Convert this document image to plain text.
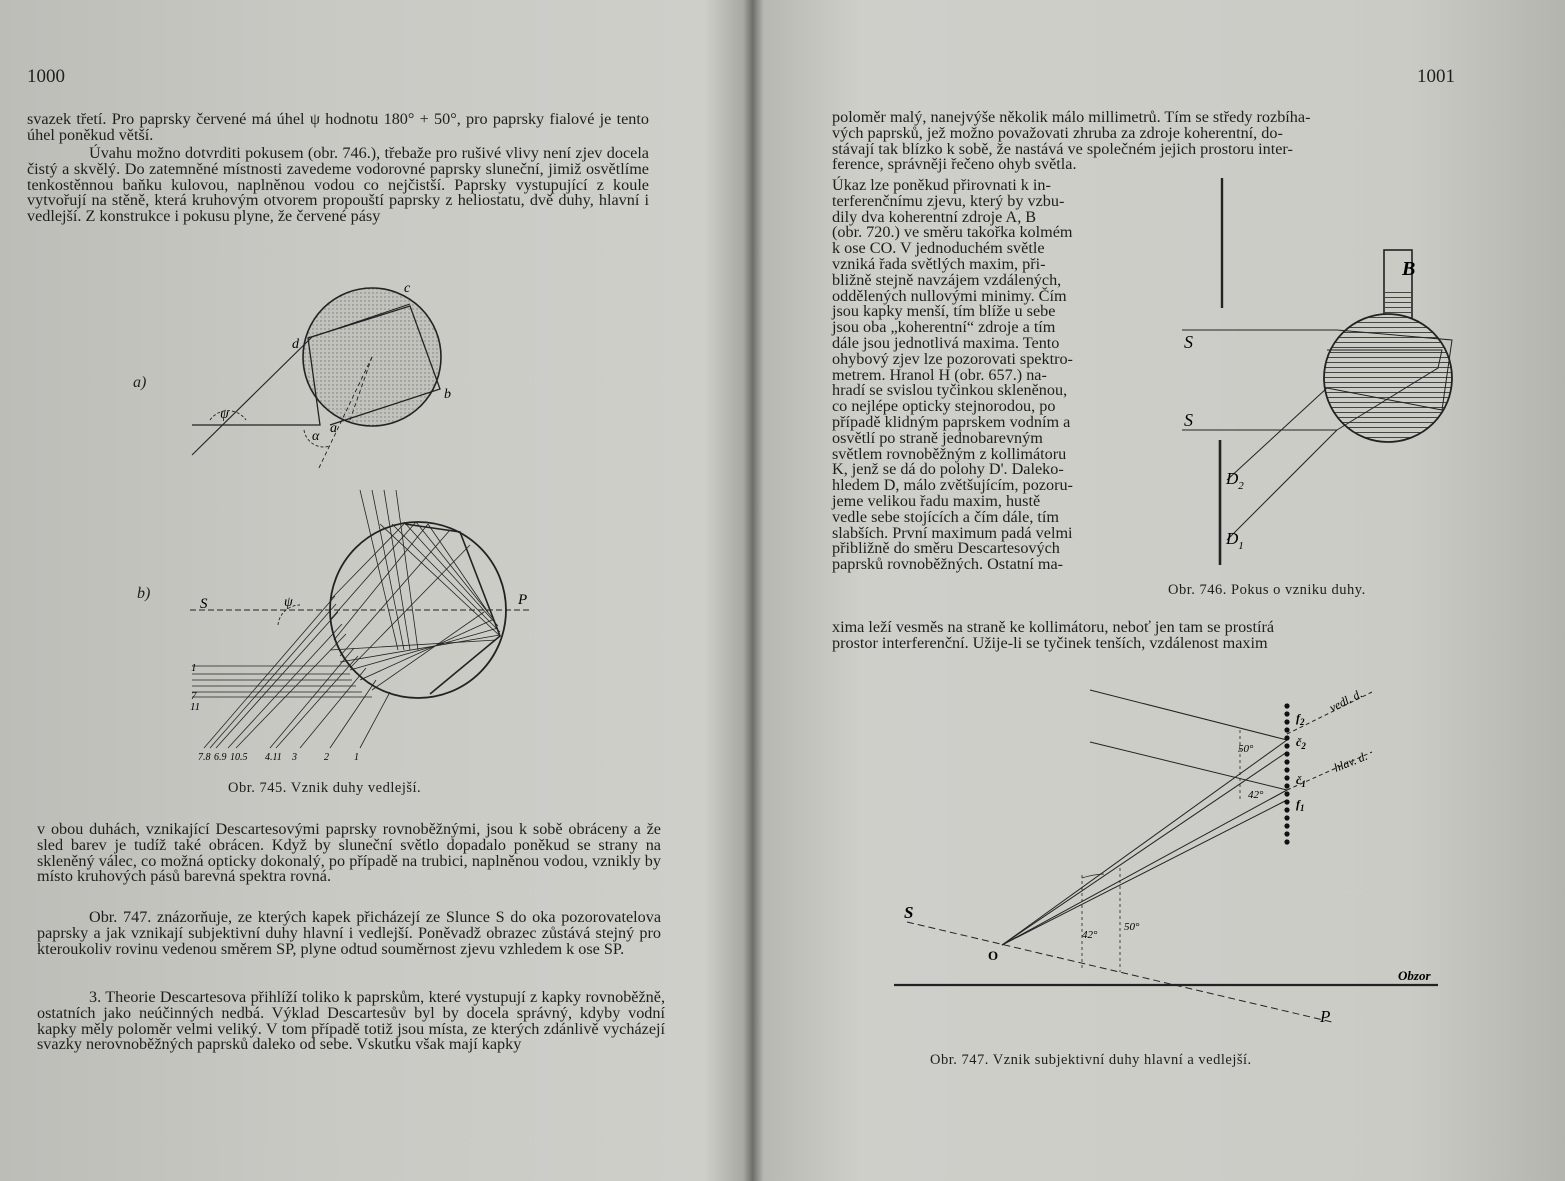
1000

svazek třetí. Pro paprsky červené má úhel ψ hodnotu 180° + 50°, pro paprsky fialové je tento úhel poněkud větší.

Úvahu možno dotvrditi pokusem (obr. 746.), třebaže pro rušivé vlivy není zjev docela čistý a skvělý. Do zatemněné místnosti zavedeme vodorovné paprsky sluneční, jimiž osvětlíme tenkostěnnou baňku kulovou, naplněnou vodou co nejčistší. Paprsky vystupující z koule vytvořují na stěně, která kruhovým otvorem propouští paprsky z heliostatu, dvě duhy, hlavní i vedlejší. Z konstrukce i pokusu plyne, že červené pásy

a)
c
d
b
a
α
ψ
b)
S	P
ψ
1
7
11
7.8 6.9 10.5 4.11 3	2	1
Obr. 745. Vznik duhy vedlejší.

v obou duhách, vznikající Descartesovými paprsky rovnoběžnými, jsou k sobě obráceny a že sled barev je tudíž také obrácen. Když by sluneční světlo dopadalo poněkud se strany na skleněný válec, co možná opticky dokonalý, po případě na trubici, naplněnou vodou, vznikly by místo kruhových pásů barevná spektra rovná.

Obr. 747. znázorňuje, ze kterých kapek přicházejí ze Slunce S do oka pozorovatelova paprsky a jak vznikají subjektivní duhy hlavní i vedlejší. Poněvadž obrazec zůstává stejný pro kteroukoliv rovinu vedenou směrem SP, plyne odtud souměrnost zjevu vzhledem k ose SP.

3. Theorie Descartesova přihlíží toliko k paprskům, které vystupují z kapky rovnoběžně, ostatních jako neúčinných nedbá. Výklad Descartesův byl by docela správný, kdyby vodní kapky měly poloměr velmi veliký. V tom případě totiž jsou místa, ze kterých zdánlivě vycházejí svazky nerovnoběžných paprsků daleko od sebe. Vskutku však mají kapky

1001
poloměr malý, nanejvýše několik málo millimetrů. Tím se středy rozbíha-
vých paprsků, jež možno považovati zhruba za zdroje koherentní, do-
stávají tak blízko k sobě, že nastává ve společném jejich prostoru inter-
ference, správněji řečeno ohyb světla.
Úkaz lze poněkud přirovnati k in-
terferenčnímu zjevu, který by vzbu-
dily dva koherentní zdroje A, B
(obr. 720.) ve směru takořka kolmém
k ose CO. V jednoduchém světle
vzniká řada světlých maxim, při-
bližně stejně navzájem vzdálených,
oddělených nullovými minimy. Čím
jsou kapky menší, tím blíže u sebe
jsou oba „koherentní“ zdroje a tím
dále jsou jednotlivá maxima. Tento
ohybový zjev lze pozorovati spektro-
metrem. Hranol H (obr. 657.) na-
hradí se svislou tyčinkou skleněnou,
co nejlépe opticky stejnorodou, po
případě klidným paprskem vodním a
osvětlí po straně jednobarevným
světlem rovnoběžným z kollimátoru
K, jenž se dá do polohy D'. Daleko-
hledem D, málo zvětšujícím, pozoru-
jeme velikou řadu maxim, hustě
vedle sebe stojících a čím dále, tím
slabších. První maximum padá velmi
přibližně do směru Descartesových
paprsků rovnoběžných. Ostatní ma-
xima leží vesměs na straně ke kollimátoru, neboť jen tam se prostírá
prostor interferenční. Užije-li se tyčinek tenších, vzdálenost maxim
B
S
S
$D_2$
$D_1$
Obr. 746. Pokus o vzniku duhy.
S
O
P
Obzor
42°
50°
50°
42°
$f_2$
$č_2$
$č_1$
$f_1$
vedl. d.
hlav. d.
Obr. 747. Vznik subjektivní duhy hlavní a vedlejší.
